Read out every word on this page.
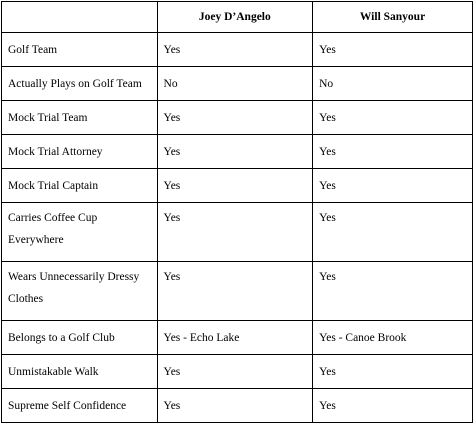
	Joey D’Angelo	Will Sanyour
Golf Team	Yes	Yes
Actually Plays on Golf Team	No	No
Mock Trial Team	Yes	Yes
Mock Trial Attorney	Yes	Yes
Mock Trial Captain	Yes	Yes
Carries Coffee Cup Everywhere	Yes	Yes
Wears Unnecessarily Dressy Clothes	Yes	Yes
Belongs to a Golf Club	Yes - Echo Lake	Yes - Canoe Brook
Unmistakable Walk	Yes	Yes
Supreme Self Confidence	Yes	Yes
